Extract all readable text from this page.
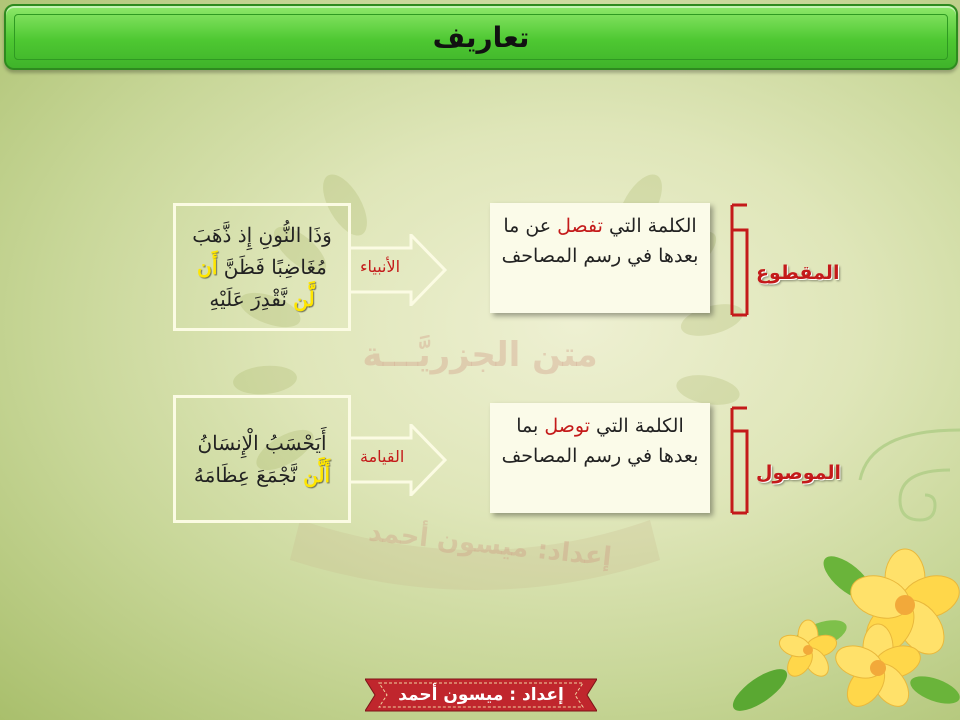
متن الجزريَّـــة
إعداد: ميسون أحمد
تعاريف
المقطوع

الكلمة التي تفصل عن ما بعدها في رسم المصاحف

الأنبياء
وَذَا النُّونِ إِذ ذَّهَبَ
مُغَاضِبًا فَظَنَّ أَن
لَّن نَّقْدِرَ عَلَيْهِ
الموصول

الكلمة التي توصل بما بعدها في رسم المصاحف

القيامة
أَيَحْسَبُ الْإِنسَانُ
أَلَّن نَّجْمَعَ عِظَامَهُ
إعداد : ميسون أحمد
